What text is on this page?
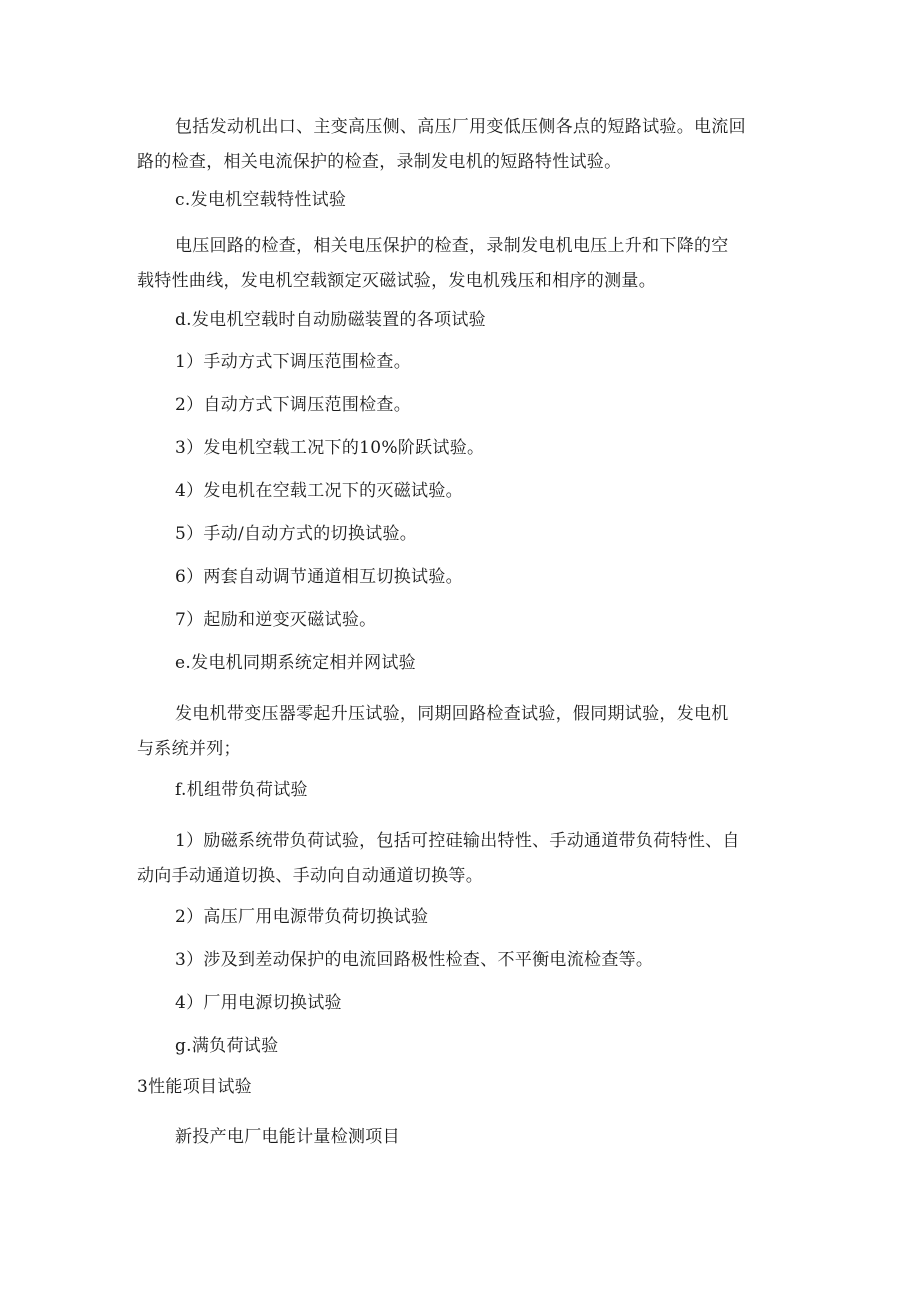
包括发动机出口、主变高压侧、高压厂用变低压侧各点的短路试验。电流回
路的检查，相关电流保护的检查，录制发电机的短路特性试验。
c.发电机空载特性试验
电压回路的检查，相关电压保护的检查，录制发电机电压上升和下降的空
载特性曲线，发电机空载额定灭磁试验，发电机残压和相序的测量。
d.发电机空载时自动励磁装置的各项试验
1）手动方式下调压范围检查。
2）自动方式下调压范围检查。
3）发电机空载工况下的10%阶跃试验。
4）发电机在空载工况下的灭磁试验。
5）手动/自动方式的切换试验。
6）两套自动调节通道相互切换试验。
7）起励和逆变灭磁试验。
e.发电机同期系统定相并网试验
发电机带变压器零起升压试验，同期回路检查试验，假同期试验，发电机
与系统并列；
f.机组带负荷试验
1）励磁系统带负荷试验，包括可控硅输出特性、手动通道带负荷特性、自
动向手动通道切换、手动向自动通道切换等。
2）高压厂用电源带负荷切换试验
3）涉及到差动保护的电流回路极性检查、不平衡电流检查等。
4）厂用电源切换试验
g.满负荷试验
3性能项目试验
新投产电厂电能计量检测项目
